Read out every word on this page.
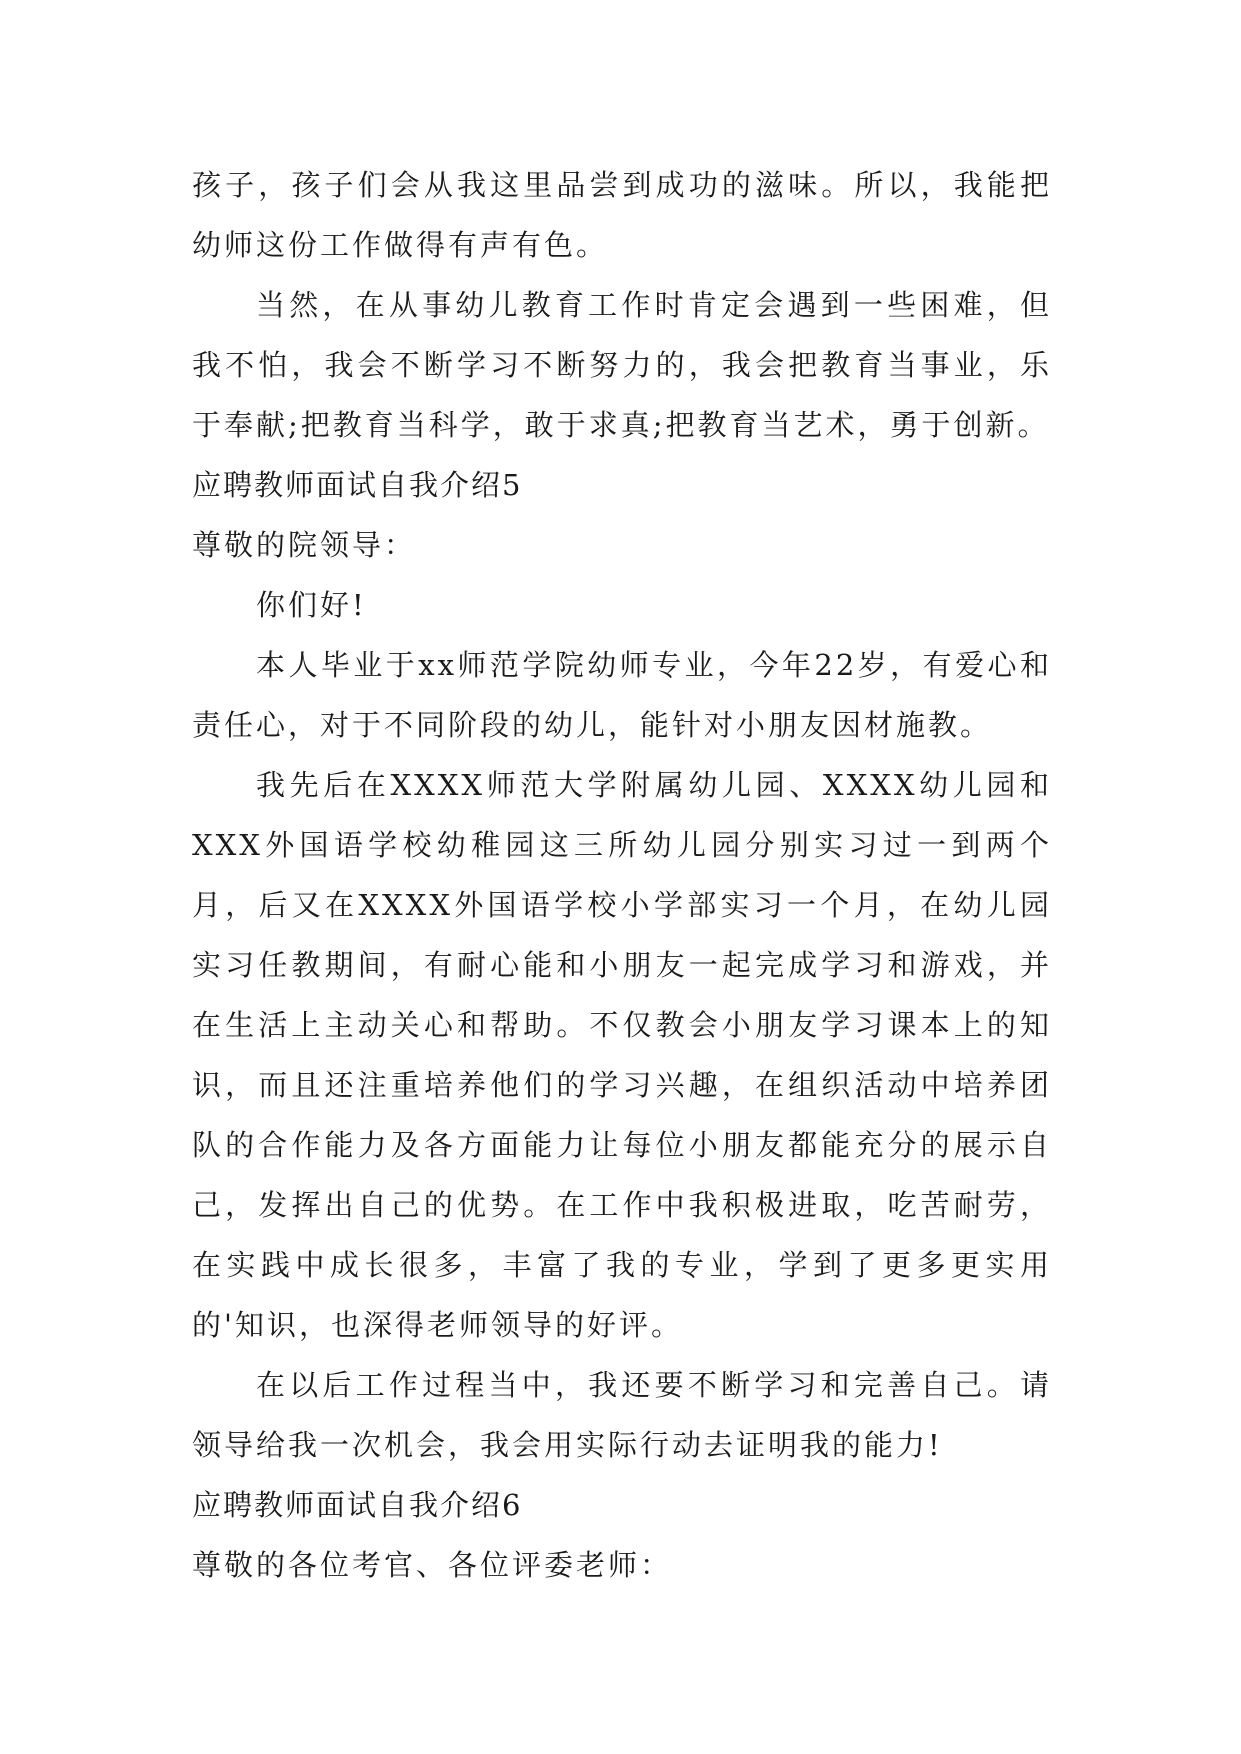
孩子，孩子们会从我这里品尝到成功的滋味。所以，我能把幼师这份工作做得有声有色。

当然，在从事幼儿教育工作时肯定会遇到一些困难，但我不怕，我会不断学习不断努力的，我会把教育当事业，乐于奉献;把教育当科学，敢于求真;把教育当艺术，勇于创新。

应聘教师面试自我介绍5

尊敬的院领导：

你们好!

本人毕业于xx师范学院幼师专业，今年22岁，有爱心和责任心，对于不同阶段的幼儿，能针对小朋友因材施教。

我先后在XXXX师范大学附属幼儿园、XXXX幼儿园和XXX外国语学校幼稚园这三所幼儿园分别实习过一到两个月，后又在XXXX外国语学校小学部实习一个月，在幼儿园实习任教期间，有耐心能和小朋友一起完成学习和游戏，并在生活上主动关心和帮助。不仅教会小朋友学习课本上的知识，而且还注重培养他们的学习兴趣，在组织活动中培养团队的合作能力及各方面能力让每位小朋友都能充分的展示自己，发挥出自己的优势。在工作中我积极进取，吃苦耐劳，在实践中成长很多，丰富了我的专业，学到了更多更实用的'知识，也深得老师领导的好评。

在以后工作过程当中，我还要不断学习和完善自己。请领导给我一次机会，我会用实际行动去证明我的能力!

应聘教师面试自我介绍6

尊敬的各位考官、各位评委老师：
